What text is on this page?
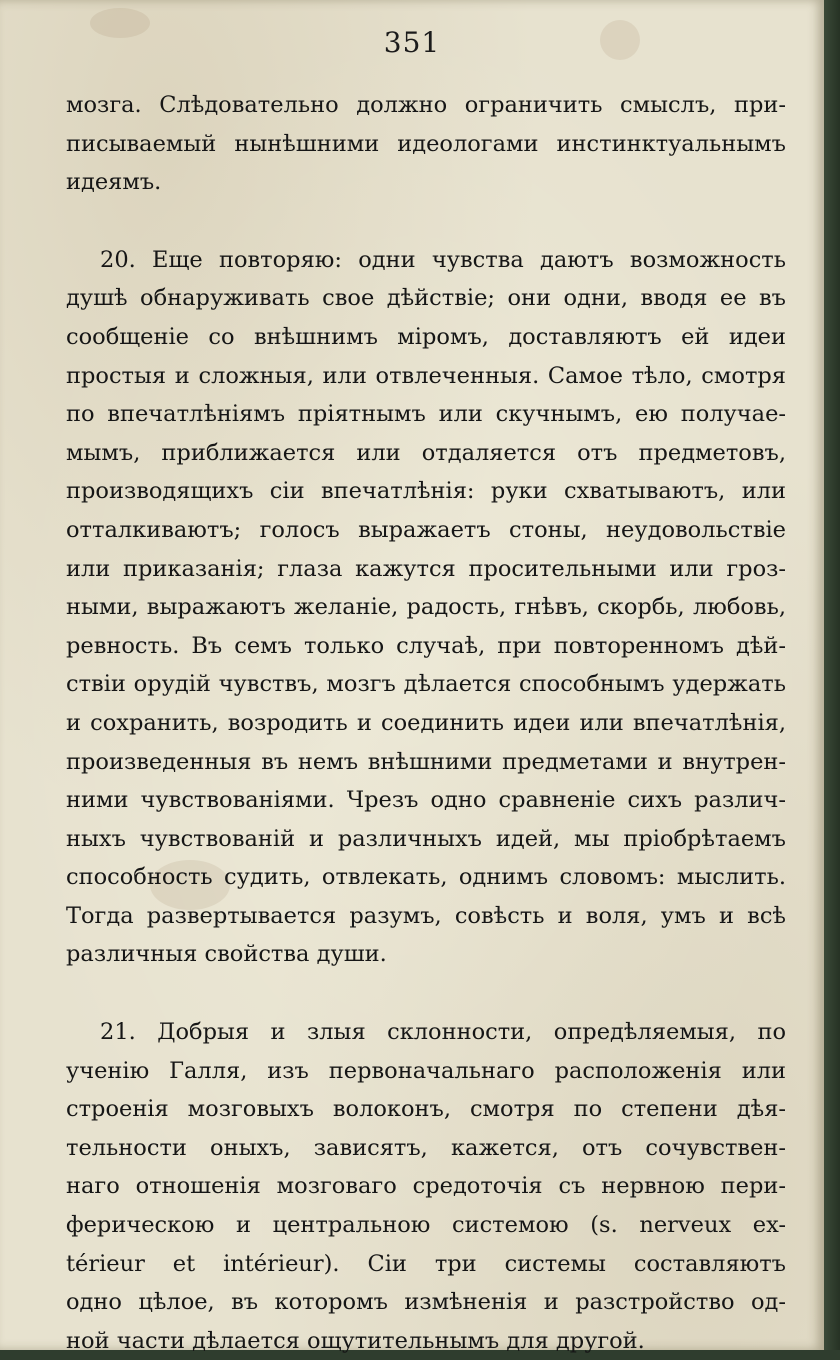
351
мозга. Слѣдовательно должно ограничить смыслъ, при-
писываемый нынѣшними идеологами инстинктуальнымъ
идеямъ.
20. Еще повторяю: одни чувства даютъ возможность
душѣ обнаруживать свое дѣйствіе; они одни, вводя ее въ
сообщеніе со внѣшнимъ міромъ, доставляютъ ей идеи
простыя и сложныя, или отвлеченныя. Самое тѣло, смотря
по впечатлѣніямъ пріятнымъ или скучнымъ, ею получае-
мымъ, приближается или отдаляется отъ предметовъ,
производящихъ сіи впечатлѣнія: руки схватываютъ, или
отталкиваютъ; голосъ выражаетъ стоны, неудовольствіе
или приказанія; глаза кажутся просительными или гроз-
ными, выражаютъ желаніе, радость, гнѣвъ, скорбь, любовь,
ревность. Въ семъ только случаѣ, при повторенномъ дѣй-
ствіи орудій чувствъ, мозгъ дѣлается способнымъ удержать
и сохранить, возродить и соединить идеи или впечатлѣнія,
произведенныя въ немъ внѣшними предметами и внутрен-
ними чувствованіями. Чрезъ одно сравненіе сихъ различ-
ныхъ чувствованій и различныхъ идей, мы пріобрѣтаемъ
способность судить, отвлекать, однимъ словомъ: мыслить.
Тогда развертывается разумъ, совѣсть и воля, умъ и всѣ
различныя свойства души.
21. Добрыя и злыя склонности, опредѣляемыя, по
ученію Галля, изъ первоначальнаго расположенія или
строенія мозговыхъ волоконъ, смотря по степени дѣя-
тельности оныхъ, зависятъ, кажется, отъ сочувствен-
наго отношенія мозговаго средоточія съ нервною пери-
ферическою и центральною системою (s. nerveux ex-
térieur et intérieur). Сіи три системы составляютъ
одно цѣлое, въ которомъ измѣненія и разстройство од-
ной части дѣлается ощутительнымъ для другой.
